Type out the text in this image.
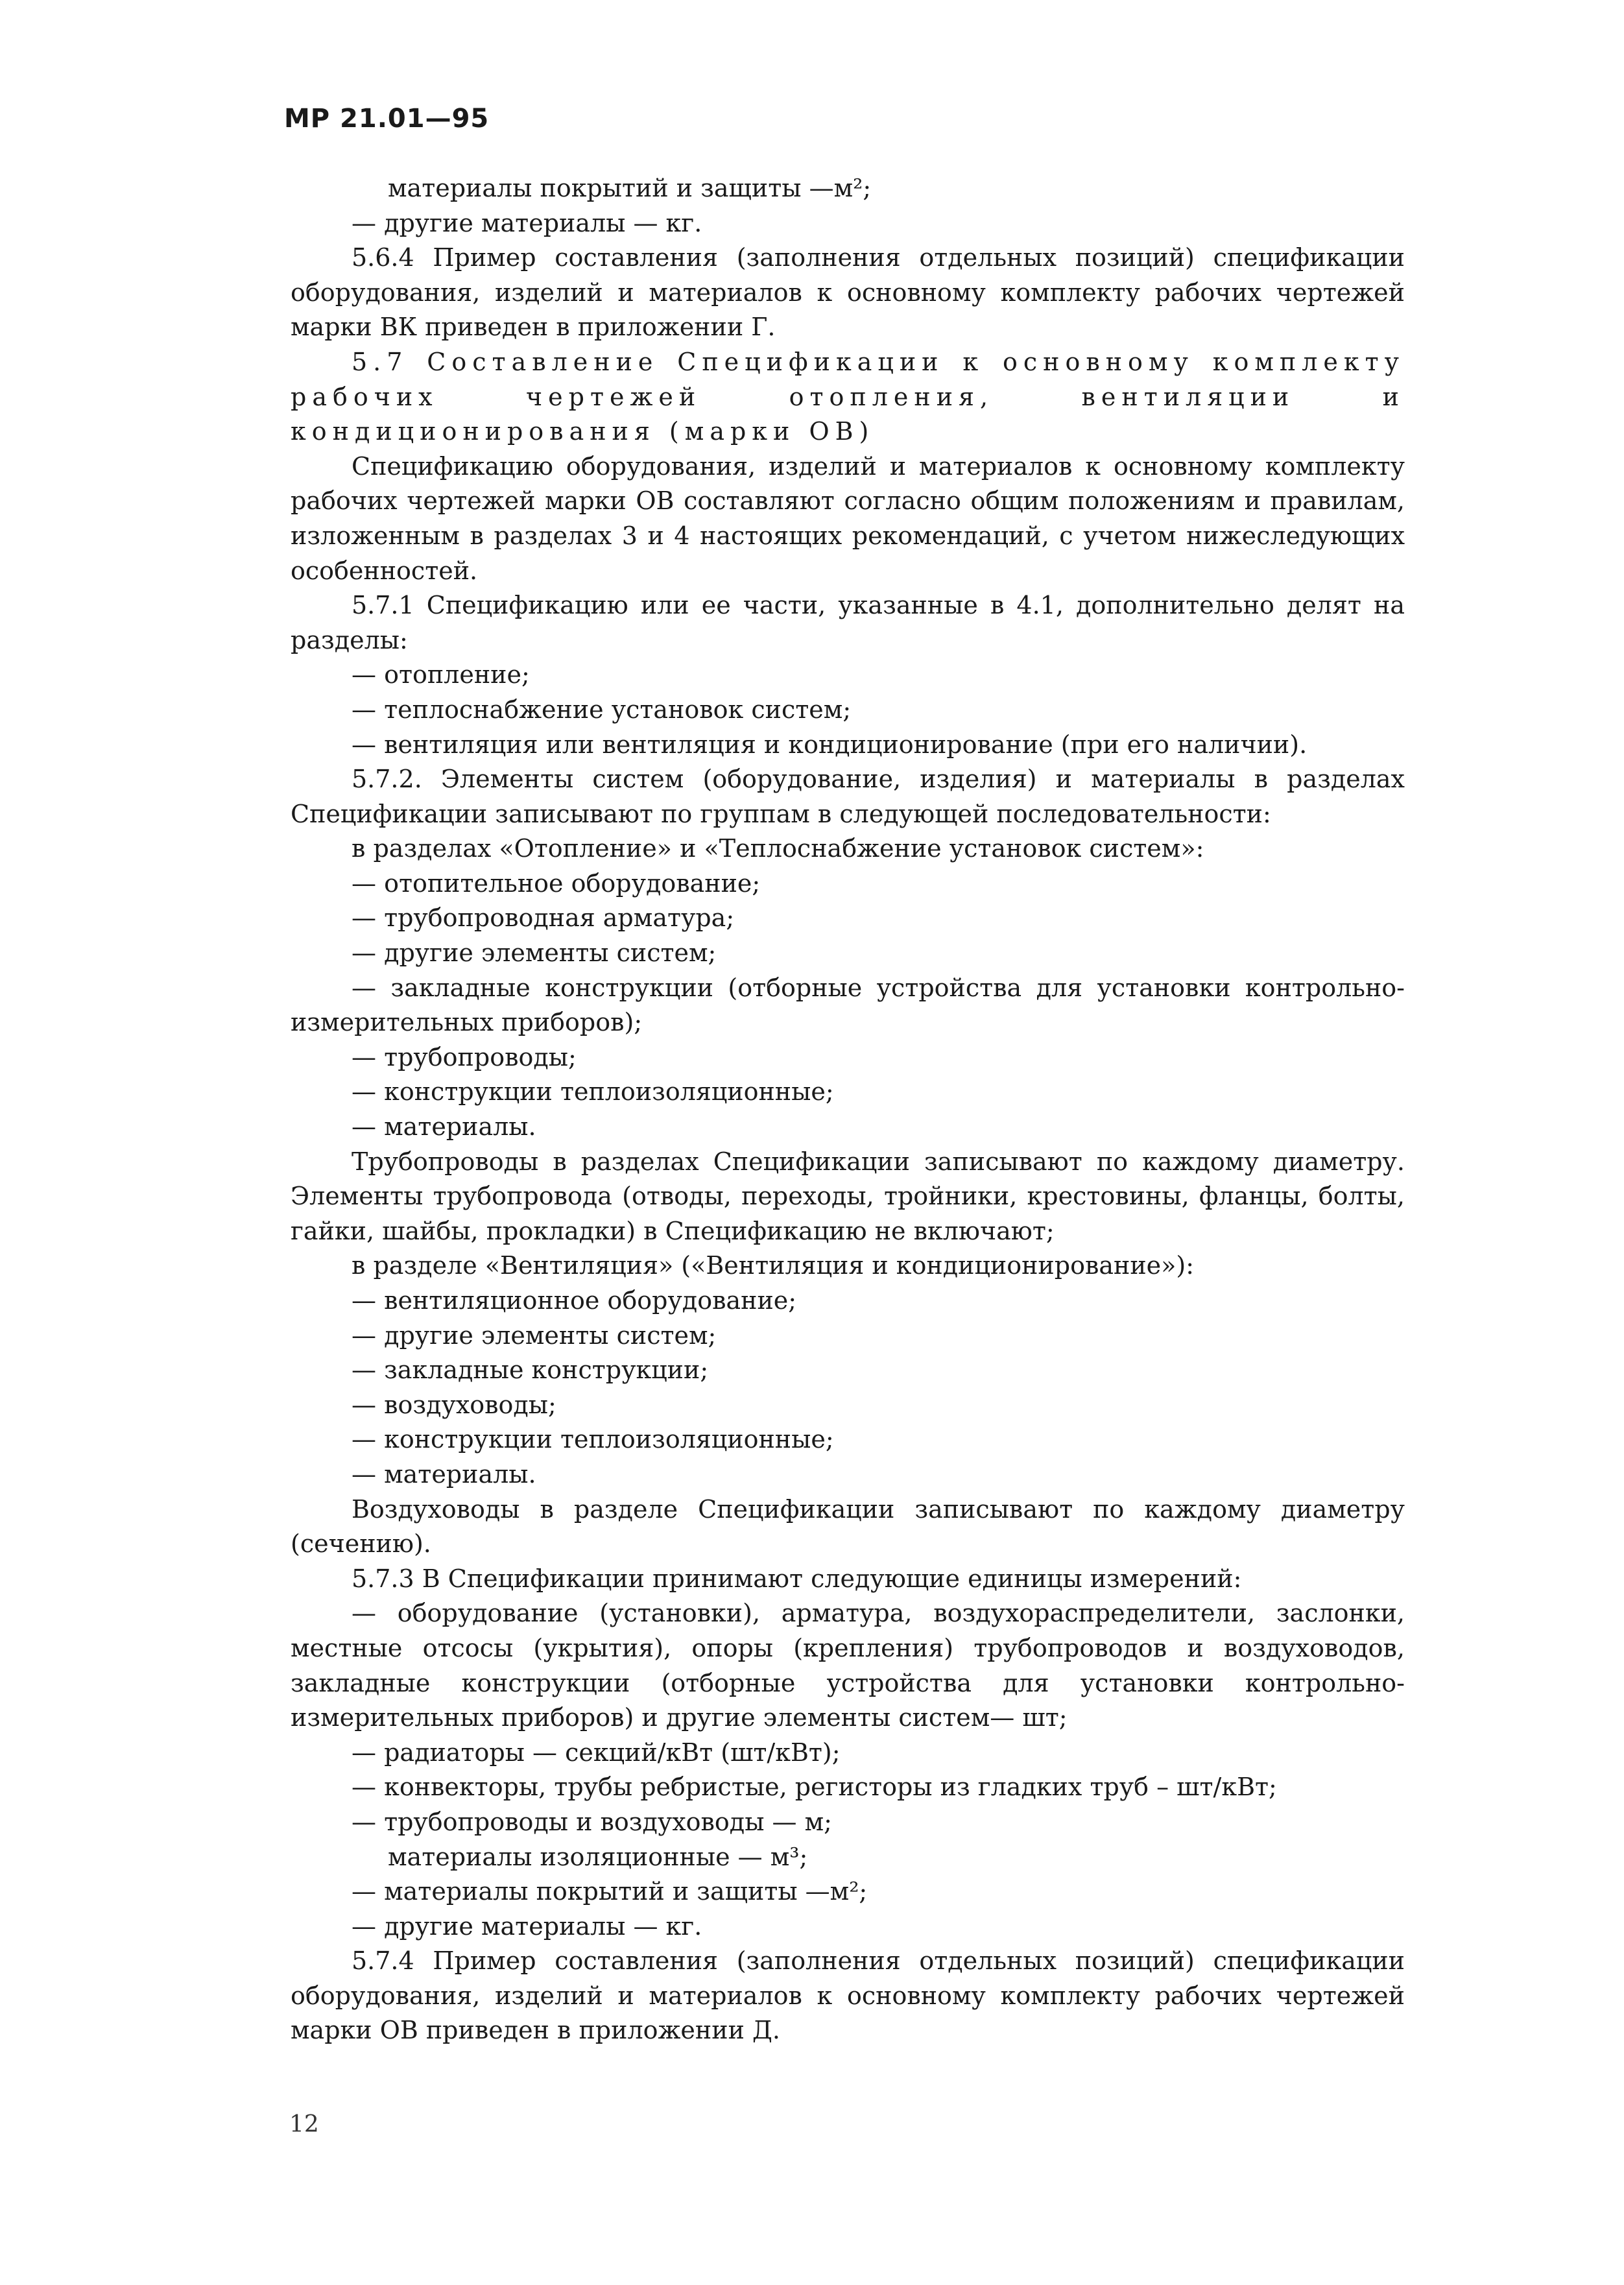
МР 21.01—95

материалы покрытий и защиты —м²;

— другие материалы — кг.

5.6.4 Пример составления (заполнения отдельных позиций) спецификации оборудования, изделий и материалов к основному комплекту рабочих чертежей марки ВК приведен в приложении Г.

5.7 Составление Спецификации к основному комплекту рабочих чертежей отопления, вентиляции и кондиционирования (марки ОВ)

Спецификацию оборудования, изделий и материалов к основному комплекту рабочих чертежей марки ОВ составляют согласно общим положениям и правилам, изложенным в разделах 3 и 4 настоящих рекомендаций, с учетом нижеследующих особенностей.

5.7.1 Спецификацию или ее части, указанные в 4.1, дополнительно делят на разделы:

— отопление;

— теплоснабжение установок систем;

— вентиляция или вентиляция и кондиционирование (при его наличии).

5.7.2. Элементы систем (оборудование, изделия) и материалы в разделах Спецификации записывают по группам в следующей последовательности:

в разделах «Отопление» и «Теплоснабжение установок систем»:

— отопительное оборудование;

— трубопроводная арматура;

— другие элементы систем;

— закладные конструкции (отборные устройства для установки контрольно-измерительных приборов);

— трубопроводы;

— конструкции теплоизоляционные;

— материалы.

Трубопроводы в разделах Спецификации записывают по каждому диаметру. Элементы трубопровода (отводы, переходы, тройники, крестовины, фланцы, болты, гайки, шайбы, прокладки) в Спецификацию не включают;

в разделе «Вентиляция» («Вентиляция и кондиционирование»):

— вентиляционное оборудование;

— другие элементы систем;

— закладные конструкции;

— воздуховоды;

— конструкции теплоизоляционные;

— материалы.

Воздуховоды в разделе Спецификации записывают по каждому диаметру (сечению).

5.7.3 В Спецификации принимают следующие единицы измерений:

— оборудование (установки), арматура, воздухораспределители, заслонки, местные отсосы (укрытия), опоры (крепления) трубопроводов и воздуховодов, закладные конструкции (отборные устройства для установки контрольно-измерительных приборов) и другие элементы систем— шт;

— радиаторы — секций/кВт (шт/кВт);

— конвекторы, трубы ребристые, регисторы из гладких труб – шт/кВт;

— трубопроводы и воздуховоды — м;

материалы изоляционные — м³;

— материалы покрытий и защиты —м²;

— другие материалы — кг.

5.7.4 Пример составления (заполнения отдельных позиций) спецификации оборудования, изделий и материалов к основному комплекту рабочих чертежей марки ОВ приведен в приложении Д.

12
